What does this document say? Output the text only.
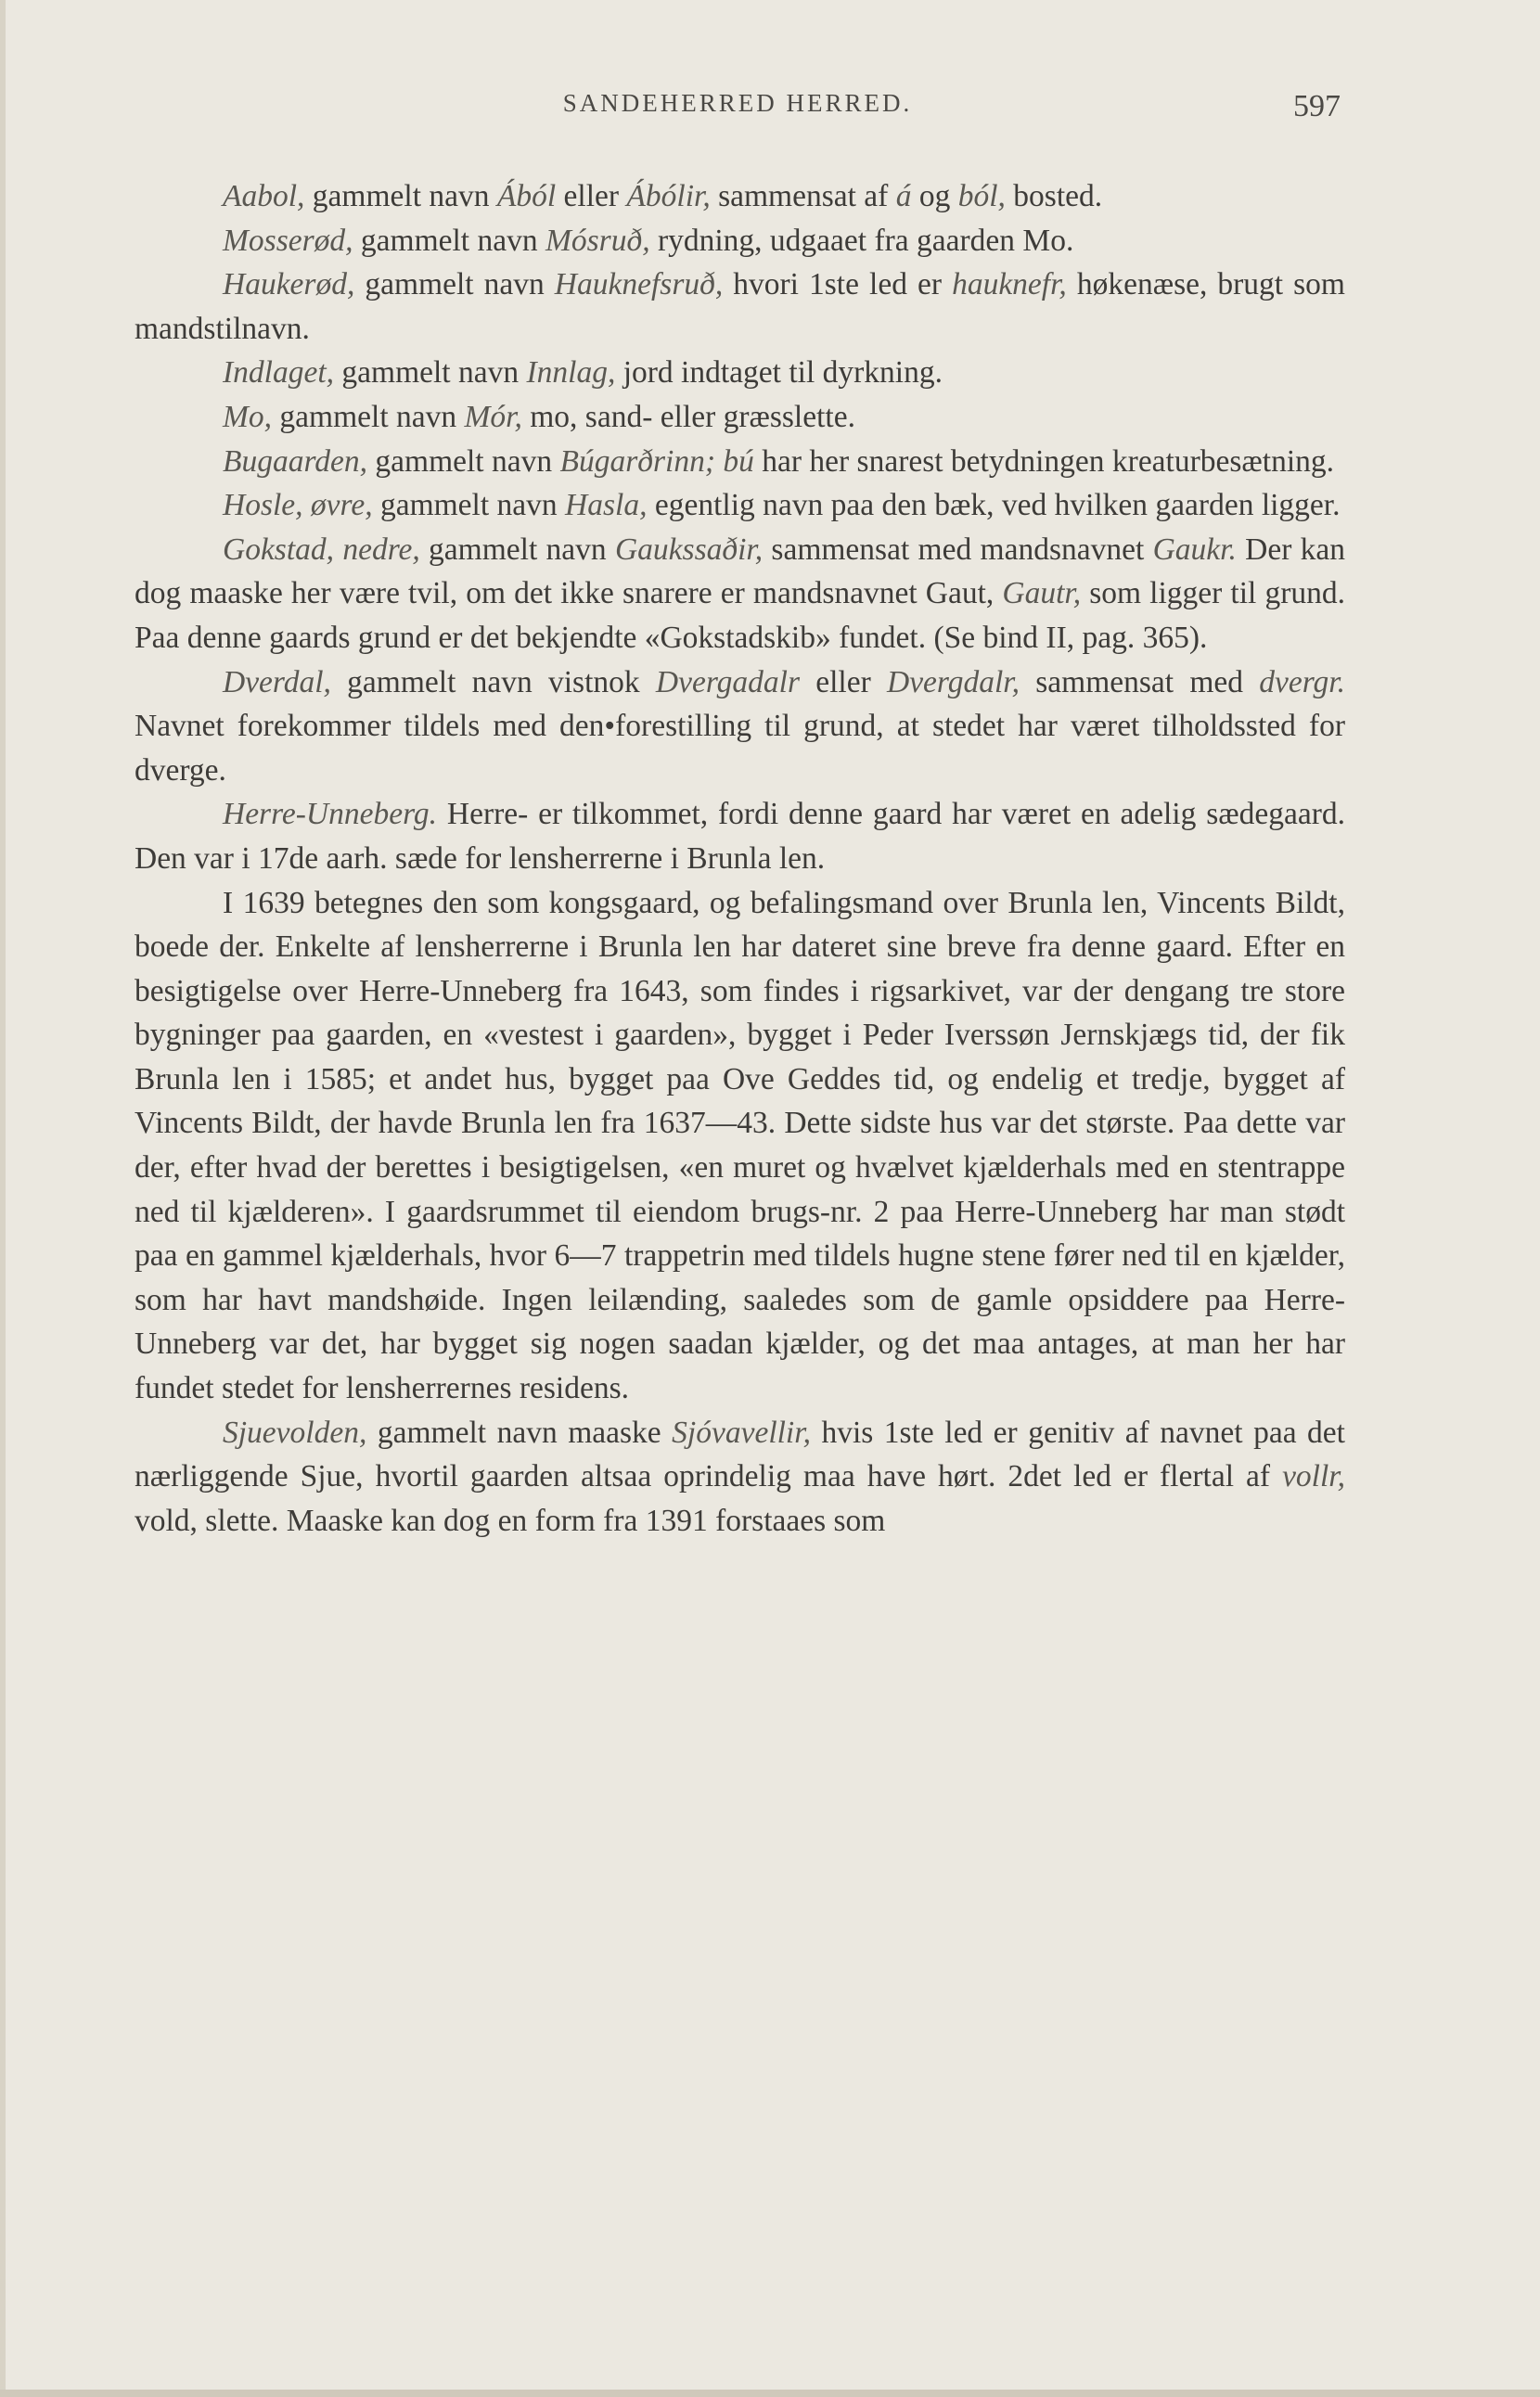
SANDEHERRED HERRED.	597

Aabol, gammelt navn Ából eller Ábólir, sammensat af á og ból, bosted.

Mosserød, gammelt navn Mósruð, rydning, udgaaet fra gaarden Mo.

Haukerød, gammelt navn Hauknefsruð, hvori 1ste led er hauknefr, høkenæse, brugt som mandstilnavn.

Indlaget, gammelt navn Innlag, jord indtaget til dyrkning.

Mo, gammelt navn Mór, mo, sand- eller græsslette.

Bugaarden, gammelt navn Búgarðrinn; bú har her snarest betydningen kreaturbesætning.

Hosle, øvre, gammelt navn Hasla, egentlig navn paa den bæk, ved hvilken gaarden ligger.

Gokstad, nedre, gammelt navn Gaukssaðir, sammensat med mandsnavnet Gaukr. Der kan dog maaske her være tvil, om det ikke snarere er mandsnavnet Gaut, Gautr, som ligger til grund. Paa denne gaards grund er det bekjendte «Gokstadskib» fundet. (Se bind II, pag. 365).

Dverdal, gammelt navn vistnok Dvergadalr eller Dvergdalr, sammensat med dvergr. Navnet forekommer tildels med den•forestilling til grund, at stedet har været tilholdssted for dverge.

Herre-Unneberg. Herre- er tilkommet, fordi denne gaard har været en adelig sædegaard. Den var i 17de aarh. sæde for lensherrerne i Brunla len.

I 1639 betegnes den som kongsgaard, og befalingsmand over Brunla len, Vincents Bildt, boede der. Enkelte af lensherrerne i Brunla len har dateret sine breve fra denne gaard. Efter en besigtigelse over Herre-Unneberg fra 1643, som findes i rigsarkivet, var der dengang tre store bygninger paa gaarden, en «vestest i gaarden», bygget i Peder Iverssøn Jernskjægs tid, der fik Brunla len i 1585; et andet hus, bygget paa Ove Geddes tid, og endelig et tredje, bygget af Vincents Bildt, der havde Brunla len fra 1637—43. Dette sidste hus var det største. Paa dette var der, efter hvad der berettes i besigtigelsen, «en muret og hvælvet kjælderhals med en stentrappe ned til kjælderen». I gaardsrummet til eiendom brugs-nr. 2 paa Herre-Unneberg har man stødt paa en gammel kjælderhals, hvor 6—7 trappetrin med tildels hugne stene fører ned til en kjælder, som har havt mandshøide. Ingen leilænding, saaledes som de gamle opsiddere paa Herre-Unneberg var det, har bygget sig nogen saadan kjælder, og det maa antages, at man her har fundet stedet for lensherrernes residens.

Sjuevolden, gammelt navn maaske Sjóvavellir, hvis 1ste led er genitiv af navnet paa det nærliggende Sjue, hvortil gaarden altsaa oprindelig maa have hørt. 2det led er flertal af vollr, vold, slette. Maaske kan dog en form fra 1391 forstaaes som
